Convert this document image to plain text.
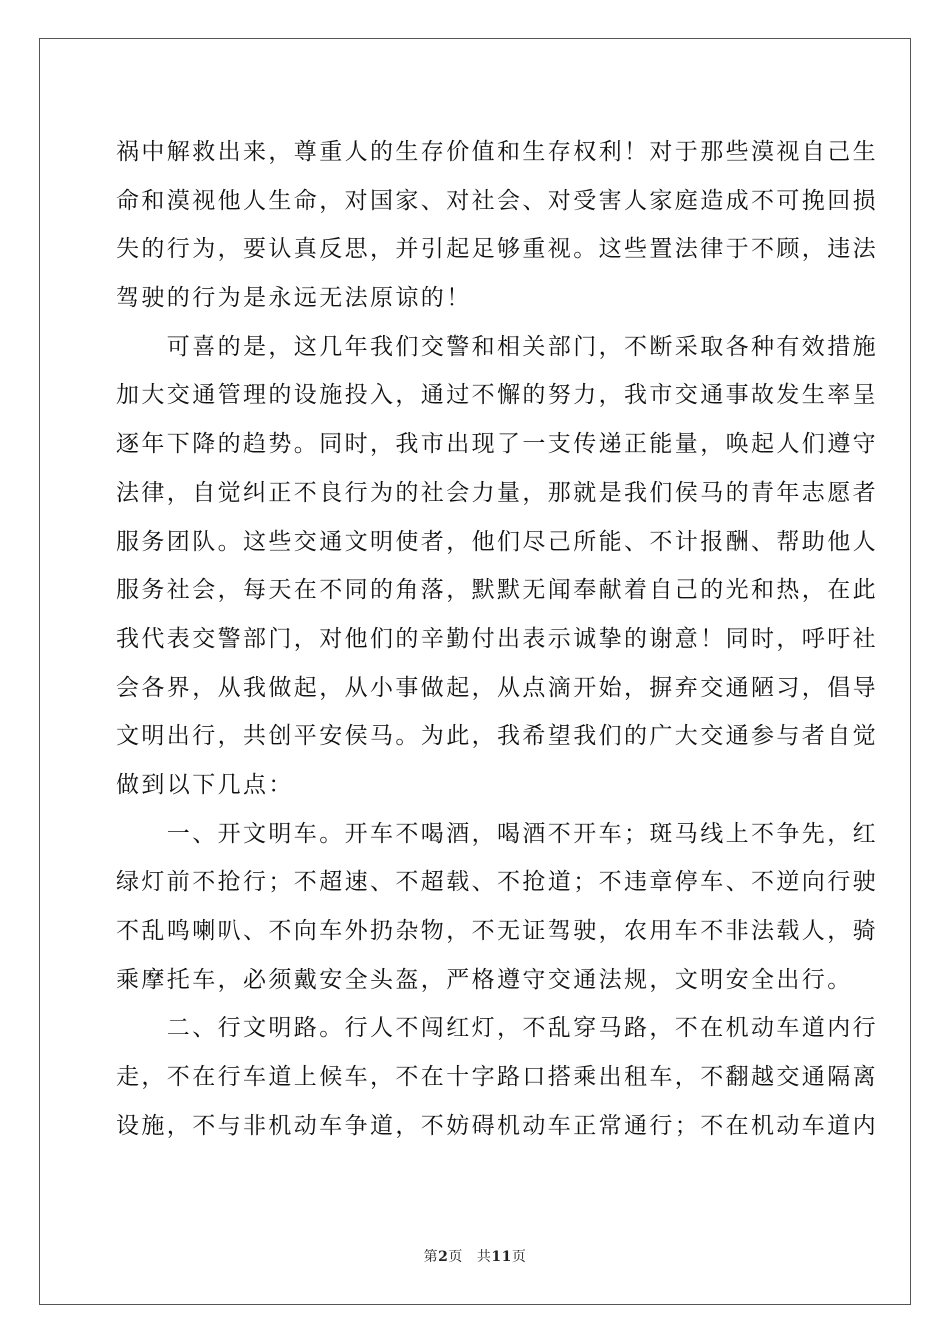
祸中解救出来，尊重人的生存价值和生存权利！对于那些漠视自己生
命和漠视他人生命，对国家、对社会、对受害人家庭造成不可挽回损
失的行为，要认真反思，并引起足够重视。这些置法律于不顾，违法
驾驶的行为是永远无法原谅的！
　　可喜的是，这几年我们交警和相关部门，不断采取各种有效措施
加大交通管理的设施投入，通过不懈的努力，我市交通事故发生率呈
逐年下降的趋势。同时，我市出现了一支传递正能量，唤起人们遵守
法律，自觉纠正不良行为的社会力量，那就是我们侯马的青年志愿者
服务团队。这些交通文明使者，他们尽己所能、不计报酬、帮助他人
服务社会，每天在不同的角落，默默无闻奉献着自己的光和热，在此
我代表交警部门，对他们的辛勤付出表示诚挚的谢意！同时，呼吁社
会各界，从我做起，从小事做起，从点滴开始，摒弃交通陋习，倡导
文明出行，共创平安侯马。为此，我希望我们的广大交通参与者自觉
做到以下几点：
　　一、开文明车。开车不喝酒，喝酒不开车；斑马线上不争先，红
绿灯前不抢行；不超速、不超载、不抢道；不违章停车、不逆向行驶
不乱鸣喇叭、不向车外扔杂物，不无证驾驶，农用车不非法载人，骑
乘摩托车，必须戴安全头盔，严格遵守交通法规，文明安全出行。
　　二、行文明路。行人不闯红灯，不乱穿马路，不在机动车道内行
走，不在行车道上候车，不在十字路口搭乘出租车，不翻越交通隔离
设施，不与非机动车争道，不妨碍机动车正常通行；不在机动车道内
第2页 共11页
